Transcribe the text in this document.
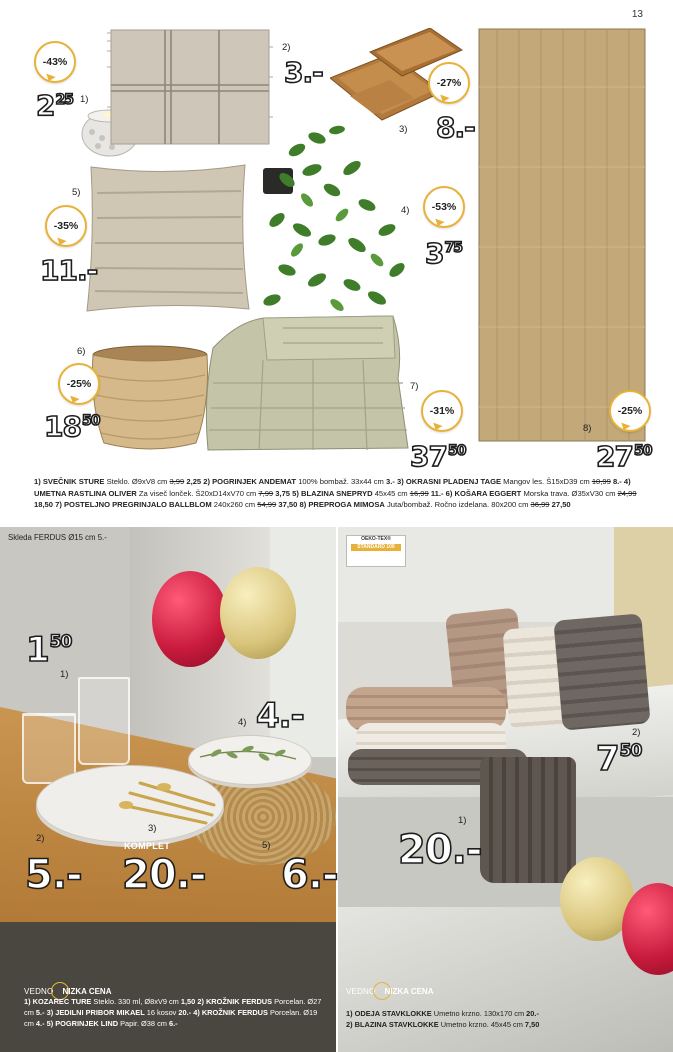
13
1)
2)
3)
4)
5)
6)
7)
8)
-43%
-27%
-53%
-35%
-25%
-31%	-25%
$2^{25}$
3.-
8.-
$3^{75}$
11.-
$18^{50}$
$37^{50}$	$27^{50}$
1) SVEČNIK STURE Steklo. Ø9xV8 cm 3,99 2,25 2) POGRINJEK ANDEMAT 100% bombaž. 33x44 cm 3.- 3) OKRASNI PLADENJ TAGE Mangov les. Š15xD39 cm 10,99 8.- 4) UMETNA RASTLINA OLIVER Za viseč lonček. Š20xD14xV70 cm 7,99 3,75 5) BLAZINA SNEPRYD 45x45 cm 16,99 11.- 6) KOŠARA EGGERT Morska trava. Ø35xV30 cm 24,99 18,50 7) POSTELJNO PREGRINJALO BALLBLOM 240x260 cm 54,99 37,50 8) PREPROGA MIMOSA Juta/bombaž. Ročno izdelana. 80x200 cm 36,99 27,50
Skleda FERDUS Ø15 cm 5.-
$1^{50}$
1)
4.-
4)
2)
5.-
3)
KOMPLET
20.-
5)
6.-
VEDNO NIZKA CENA
1) KOZAREC TURE Steklo. 330 ml, Ø8xV9 cm 1,50 2) KROŽNIK FERDUS Porcelan. Ø27 cm 5.- 3) JEDILNI PRIBOR MIKAEL 16 kosov 20.- 4) KROŽNIK FERDUS Porcelan. Ø19 cm 4.- 5) POGRINJEK LIND Papir. Ø38 cm 6.-
OEKO-TEX®
STANDARD 100
2)
$7^{50}$
1)
20.-
VEDNO NIZKA CENA
1) ODEJA STAVKLOKKE Umetno krzno. 130x170 cm 20.-
2) BLAZINA STAVKLOKKE Umetno krzno. 45x45 cm 7,50
